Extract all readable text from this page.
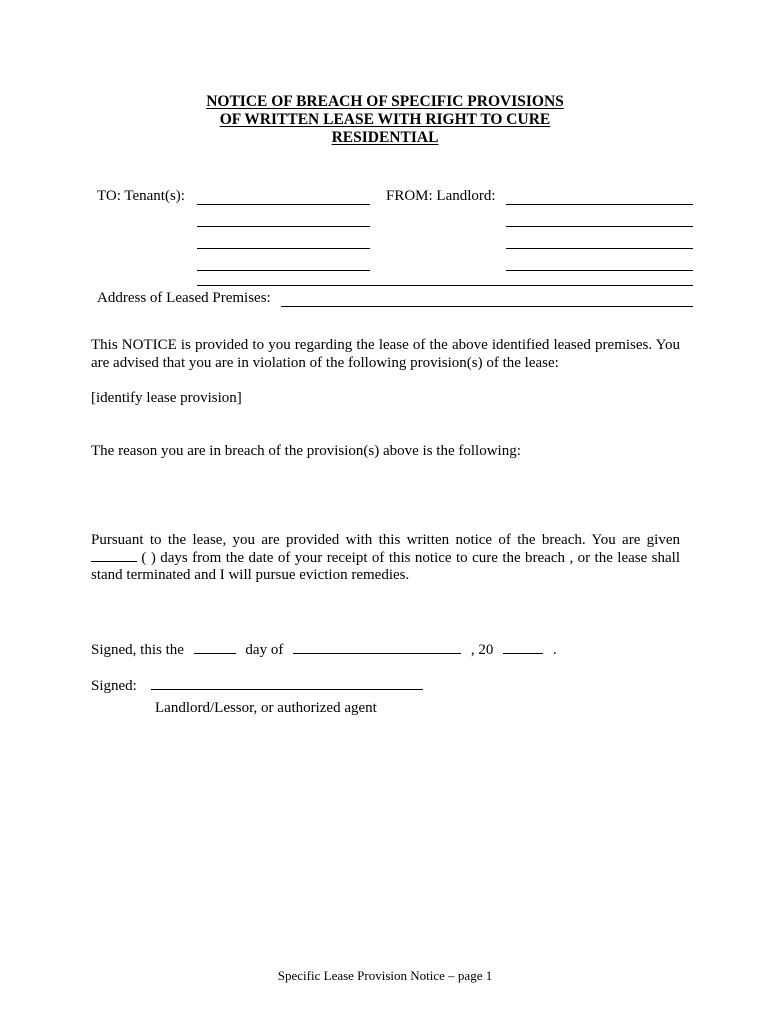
NOTICE OF BREACH OF SPECIFIC PROVISIONS
OF WRITTEN LEASE WITH RIGHT TO CURE
RESIDENTIAL
TO: Tenant(s):	FROM: Landlord:
Address of Leased Premises:

This NOTICE is provided to you regarding the lease of the above identified leased premises. You are advised that you are in violation of the following provision(s) of the lease:

[identify lease provision]

The reason you are in breach of the provision(s) above is the following:

Pursuant to the lease, you are provided with this written notice of the breach. You are given  ( ) days from the date of your receipt of this notice to cure the breach , or the lease shall stand terminated and I will pursue eviction remedies.

Signed, this the	day of	, 20	.

Signed:

Landlord/Lessor, or authorized agent

Specific Lease Provision Notice – page 1
